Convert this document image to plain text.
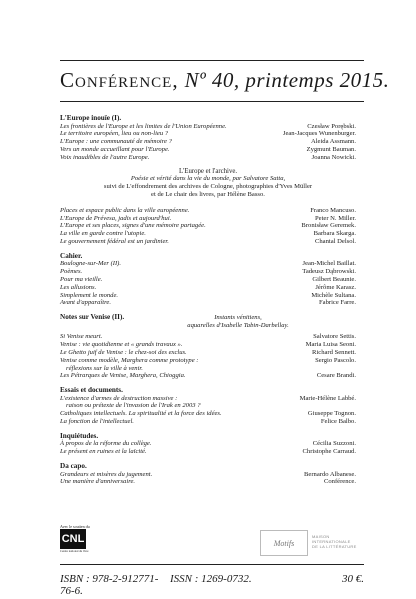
Conférence, Nº 40, printemps 2015.
L'Europe inouïe (I).
Les frontières de l'Europe et les limites de l'Union Européenne.	Czesław Porębski.
Le territoire européen, lieu ou non-lieu ?	Jean-Jacques Wunenburger.
L'Europe : une communauté de mémoire ?	Aleida Assmann.
Vers un monde accueillant pour l'Europe.	Zygmunt Bauman.
Voix inaudibles de l'autre Europe.	Joanna Nowicki.
L'Europe et l'archive.
Poésie et vérité dans la vie du monde, par Salvatore Satta,
suivi de L'effondrement des archives de Cologne, photographies d'Yves Müller
et de Le chair des livres, par Hélène Basso.
Places et espace public dans la ville européenne.	Franco Mancuso.
L'Europe de Prévesa, jadis et aujourd'hui.	Peter N. Miller.
L'Europe et ses places, signes d'une mémoire partagée.	Bronisław Geremek.
La ville en garde contre l'utopie.	Barbara Skarga.
Le gouvernement fédéral est un jardinier.	Chantal Delsol.
Cahier.
Boulogne-sur-Mer (II).	Jean-Michel Baillat.
Poèmes.	Tadeusz Dąbrowski.
Pour ma vieille.	Gilbert Beaunie.
Les allusions.	Jérôme Karasz.
Simplement le monde.	Michèle Sultana.
Avant d'apparaître.	Fabrice Farre.
Notes sur Venise (II).	Instants vénitiens,
aquarelles d'Isabelle Tabin-Darbellay.
Si Venise meurt.	Salvatore Settis.
Venise : vie quotidienne et « grands travaux ».	Maria Luisa Seoni.
Le Ghetto juif de Venise : le chez-soi des exclus.	Richard Sennett.
Venise comme modèle, Marghera comme prototype :	Sergio Pascolo.
réflexions sur la ville à venir.
Les Pétrarques de Venise, Marghera, Chioggia.	Cesare Brandi.
Essais et documents.
L'existence d'armes de destruction massive :	Marie-Hélène Labbé.
raison ou prétexte de l'invasion de l'Irak en 2003 ?
Catholiques intellectuels. La spiritualité et la force des idées.	Giuseppe Tognon.
La fonction de l'intellectuel.	Felice Balbo.
Inquiétudes.
À propos de la réforme du collège.	Cécilia Suzzoni.
Le présent en ruines et la laïcité.	Christophe Carraud.
Da capo.
Grandeurs et misères du jugement.	Bernardo Albanese.
Une manière d'anniversaire.	Conférence.
Avec le soutien du
CNL
Centre national du livre
Motifs
MAISON
INTERNATIONALE
DE LA LITTÉRATURE
ISBN : 978-2-912771-76-6.
ISSN : 1269-0732.	30 €.
